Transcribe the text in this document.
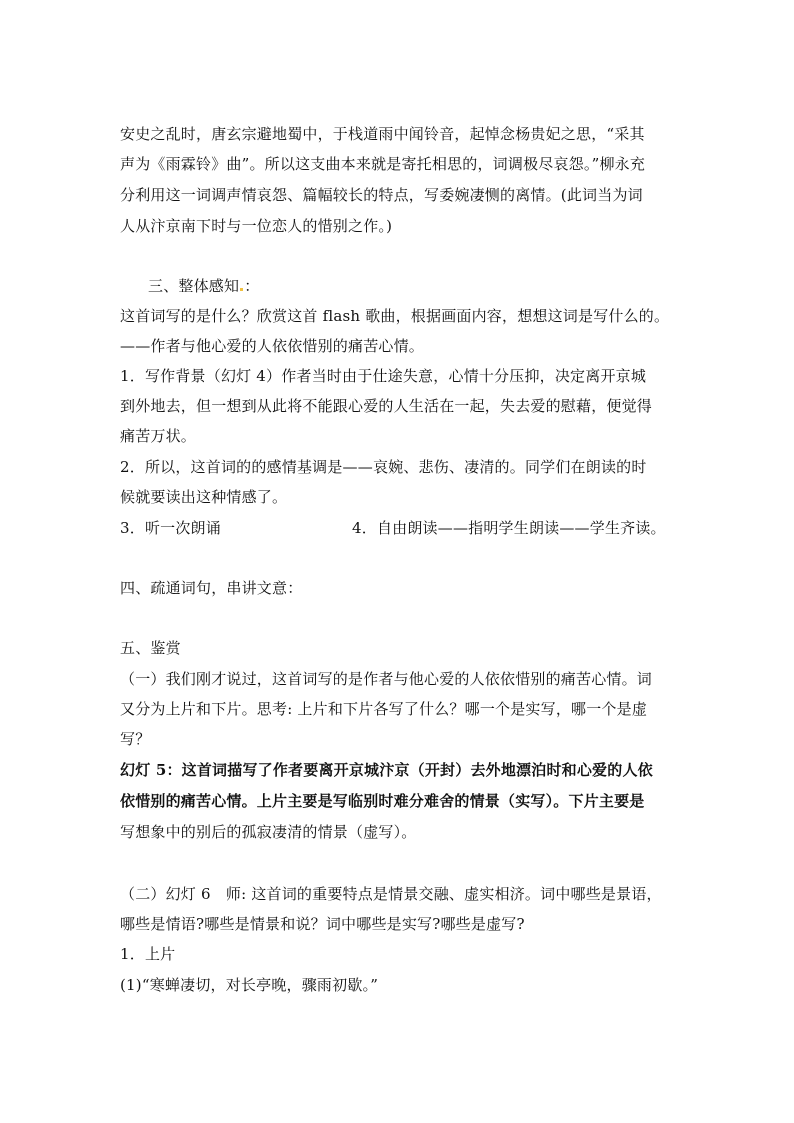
安史之乱时，唐玄宗避地蜀中，于栈道雨中闻铃音，起悼念杨贵妃之思，“采其
声为《雨霖铃》曲”。所以这支曲本来就是寄托相思的，词调极尽哀怨。”柳永充
分利用这一词调声情哀怨、篇幅较长的特点，写委婉凄恻的离情。(此词当为词
人从汴京南下时与一位恋人的惜别之作。)
三、整体感知 ：
这首词写的是什么？欣赏这首 flash 歌曲，根据画面内容，想想这词是写什么的。
——作者与他心爱的人依依惜别的痛苦心情。
1．写作背景（幻灯 4）作者当时由于仕途失意，心情十分压抑，决定离开京城
到外地去，但一想到从此将不能跟心爱的人生活在一起，失去爱的慰藉，便觉得
痛苦万状。
2．所以，这首词的的感情基调是——哀婉、悲伤、凄清的。同学们在朗读的时
候就要读出这种情感了。
3．听一次朗诵	4．自由朗读——指明学生朗读——学生齐读。
四、疏通词句，串讲文意：
五、鉴赏
（一）我们刚才说过，这首词写的是作者与他心爱的人依依惜别的痛苦心情。词
又分为上片和下片。思考: 上片和下片各写了什么？哪一个是实写，哪一个是虚
写？
幻灯 5：这首词描写了作者要离开京城汴京（开封）去外地漂泊时和心爱的人依
依惜别的痛苦心情。上片主要是写临别时难分难舍的情景（实写）。下片主要是
写想象中的别后的孤寂凄清的情景（虚写）。
（二）幻灯 6　师: 这首词的重要特点是情景交融、虚实相济。词中哪些是景语，
哪些是情语?哪些是情景和说？词中哪些是实写?哪些是虚写?
1．上片
(1)“寒蝉凄切，对长亭晚，骤雨初歇。”
